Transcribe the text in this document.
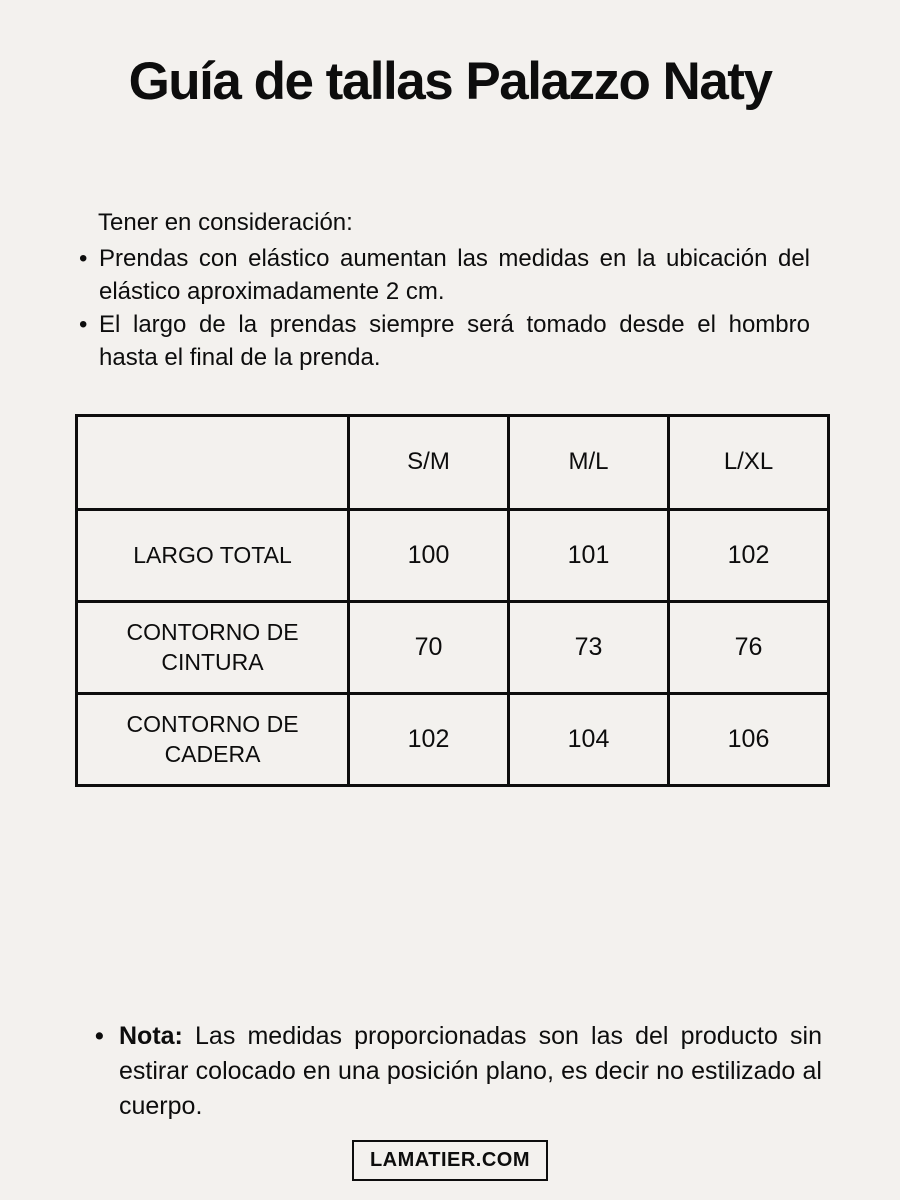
Guía de tallas Palazzo Naty
Tener en consideración:
• Prendas con elástico aumentan las medidas en la ubicación del elástico aproximadamente 2 cm.
• El largo de la prendas siempre será tomado desde el hombro hasta el final de la prenda.
	S/M	M/L	L/XL
LARGO TOTAL	100	101	102
CONTORNO DE CINTURA	70	73	76
CONTORNO DE CADERA	102	104	106

• Nota: Las medidas proporcionadas son las del producto sin estirar colocado en una posición plano, es decir no estilizado al cuerpo.

LAMATIER.COM
